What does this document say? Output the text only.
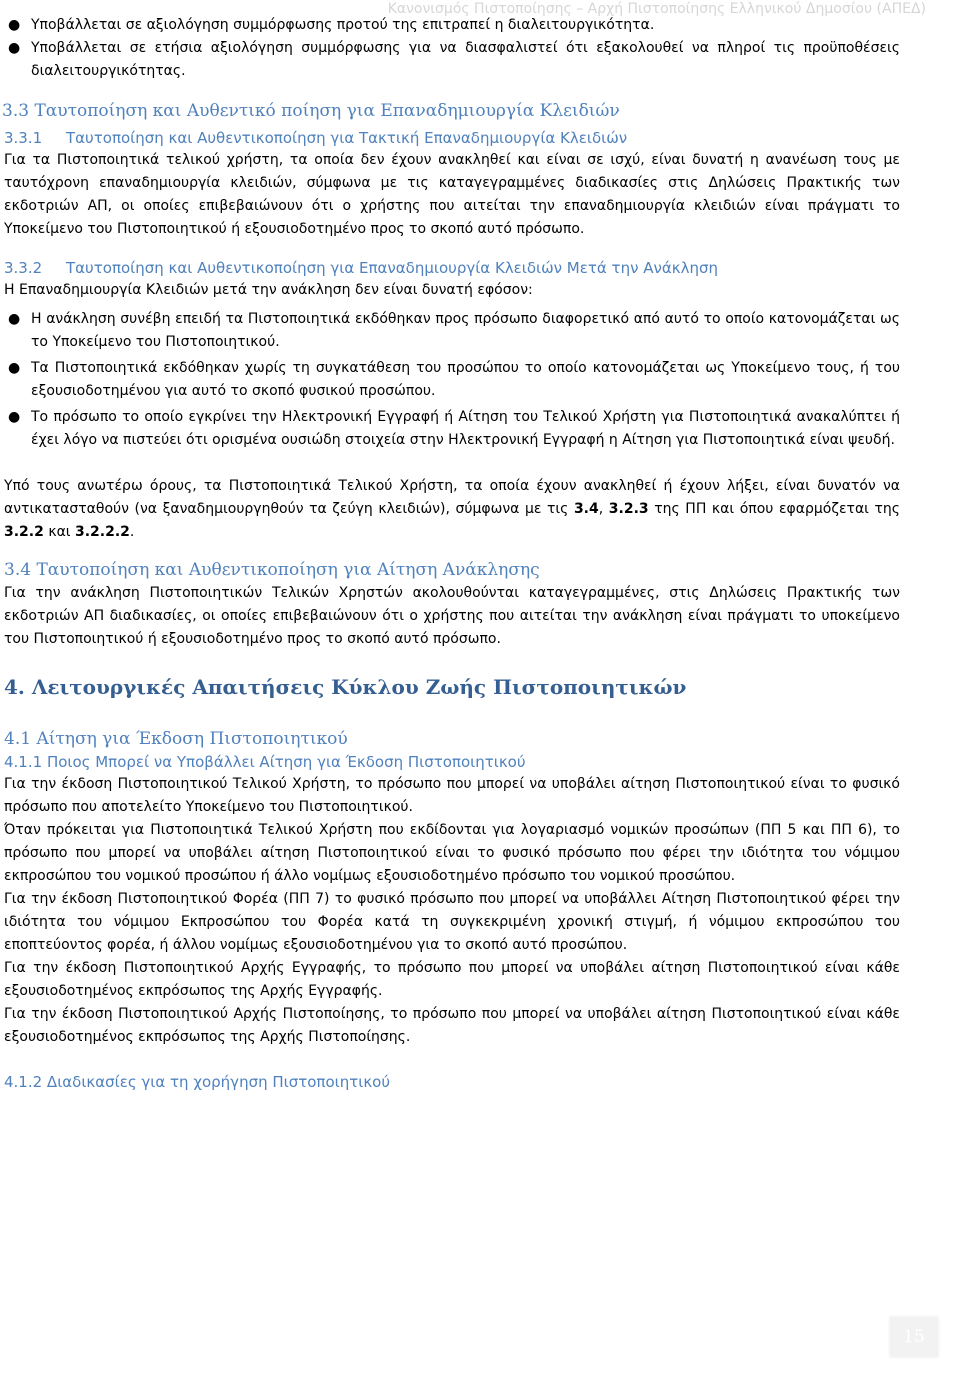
Κανονισμός Πιστοποίησης – Αρχή Πιστοποίησης Ελληνικού Δημοσίου (ΑΠΕΔ)
● Υποβάλλεται σε αξιολόγηση συμμόρφωσης προτού της επιτραπεί η διαλειτουργικότητα.
● Υποβάλλεται σε ετήσια αξιολόγηση συμμόρφωσης για να διασφαλιστεί ότι εξακολουθεί να πληροί τις προϋποθέσεις διαλειτουργικότητας.

3.3 Ταυτοποίηση και Αυθεντικό ποίηση για Επαναδημιουργία Κλειδιών

3.3.1 Ταυτοποίηση και Αυθεντικοποίηση για Τακτική Επαναδημιουργία Κλειδιών

Για τα Πιστοποιητικά τελικού χρήστη, τα οποία δεν έχουν ανακληθεί και είναι σε ισχύ, είναι δυνατή η ανανέωση τους με ταυτόχρονη επαναδημιουργία κλειδιών, σύμφωνα με τις καταγεγραμμένες διαδικασίες στις Δηλώσεις Πρακτικής των εκδοτριών ΑΠ, οι οποίες επιβεβαιώνουν ότι ο χρήστης που αιτείται την επαναδημιουργία κλειδιών είναι πράγματι το Υποκείμενο του Πιστοποιητικού ή εξουσιοδοτημένο προς το σκοπό αυτό πρόσωπο.

3.3.2 Ταυτοποίηση και Αυθεντικοποίηση για Επαναδημιουργία Κλειδιών Μετά την Ανάκληση

Η Επαναδημιουργία Κλειδιών μετά την ανάκληση δεν είναι δυνατή εφόσον:

● Η ανάκληση συνέβη επειδή τα Πιστοποιητικά εκδόθηκαν προς πρόσωπο διαφορετικό από αυτό το οποίο κατονομάζεται ως το Υποκείμενο του Πιστοποιητικού.
● Τα Πιστοποιητικά εκδόθηκαν χωρίς τη συγκατάθεση του προσώπου το οποίο κατονομάζεται ως Υποκείμενο τους, ή του εξουσιοδοτημένου για αυτό το σκοπό φυσικού προσώπου.
● Το πρόσωπο το οποίο εγκρίνει την Ηλεκτρονική Εγγραφή ή Αίτηση του Τελικού Χρήστη για Πιστοποιητικά ανακαλύπτει ή έχει λόγο να πιστεύει ότι ορισμένα ουσιώδη στοιχεία στην Ηλεκτρονική Εγγραφή η Αίτηση για Πιστοποιητικά είναι ψευδή.

Υπό τους ανωτέρω όρους, τα Πιστοποιητικά Τελικού Χρήστη, τα οποία έχουν ανακληθεί ή έχουν λήξει, είναι δυνατόν να αντικατασταθούν (να ξαναδημιουργηθούν τα ζεύγη κλειδιών), σύμφωνα με τις 3.4, 3.2.3 της ΠΠ και όπου εφαρμόζεται της 3.2.2 και 3.2.2.2.

3.4 Ταυτοποίηση και Αυθεντικοποίηση για Αίτηση Ανάκλησης

Για την ανάκληση Πιστοποιητικών Τελικών Χρηστών ακολουθούνται καταγεγραμμένες, στις Δηλώσεις Πρακτικής των εκδοτριών ΑΠ διαδικασίες, οι οποίες επιβεβαιώνουν ότι ο χρήστης που αιτείται την ανάκληση είναι πράγματι το υποκείμενο του Πιστοποιητικού ή εξουσιοδοτημένο προς το σκοπό αυτό πρόσωπο.

4. Λειτουργικές Απαιτήσεις Κύκλου Ζωής Πιστοποιητικών

4.1 Αίτηση για Έκδοση Πιστοποιητικού

4.1.1 Ποιος Μπορεί να Υποβάλλει Αίτηση για Έκδοση Πιστοποιητικού

Για την έκδοση Πιστοποιητικού Τελικού Χρήστη, το πρόσωπο που μπορεί να υποβάλει αίτηση Πιστοποιητικού είναι το φυσικό πρόσωπο που αποτελείτο Υποκείμενο του Πιστοποιητικού.

Όταν πρόκειται για Πιστοποιητικά Τελικού Χρήστη που εκδίδονται για λογαριασμό νομικών προσώπων (ΠΠ 5 και ΠΠ 6), το πρόσωπο που μπορεί να υποβάλει αίτηση Πιστοποιητικού είναι το φυσικό πρόσωπο που φέρει την ιδιότητα του νόμιμου εκπροσώπου του νομικού προσώπου ή άλλο νομίμως εξουσιοδοτημένο πρόσωπο του νομικού προσώπου.

Για την έκδοση Πιστοποιητικού Φορέα (ΠΠ 7) το φυσικό πρόσωπο που μπορεί να υποβάλλει Αίτηση Πιστοποιητικού φέρει την ιδιότητα του νόμιμου Εκπροσώπου του Φορέα κατά τη συγκεκριμένη χρονική στιγμή, ή νόμιμου εκπροσώπου του εποπτεύοντος φορέα, ή άλλου νομίμως εξουσιοδοτημένου για το σκοπό αυτό προσώπου.

Για την έκδοση Πιστοποιητικού Αρχής Εγγραφής, το πρόσωπο που μπορεί να υποβάλει αίτηση Πιστοποιητικού είναι κάθε εξουσιοδοτημένος εκπρόσωπος της Αρχής Εγγραφής.

Για την έκδοση Πιστοποιητικού Αρχής Πιστοποίησης, το πρόσωπο που μπορεί να υποβάλει αίτηση Πιστοποιητικού είναι κάθε εξουσιοδοτημένος εκπρόσωπος της Αρχής Πιστοποίησης.

4.1.2 Διαδικασίες για τη χορήγηση Πιστοποιητικού

15
